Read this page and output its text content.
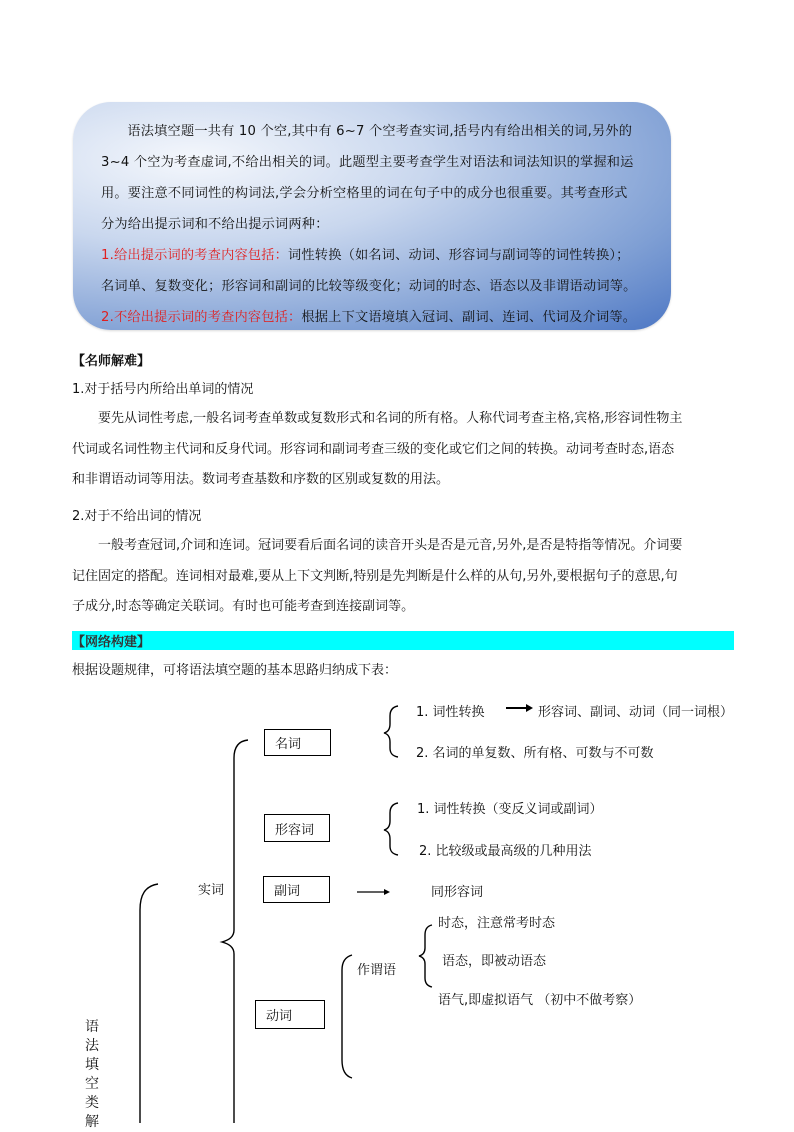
语法填空题一共有 10 个空,其中有 6~7 个空考查实词,括号内有给出相关的词,另外的

3~4 个空为考查虚词,不给出相关的词。此题型主要考查学生对语法和词法知识的掌握和运

用。要注意不同词性的构词法,学会分析空格里的词在句子中的成分也很重要。其考查形式

分为给出提示词和不给出提示词两种：

1.给出提示词的考查内容包括：词性转换（如名词、动词、形容词与副词等的词性转换）；

名词单、复数变化；形容词和副词的比较等级变化；动词的时态、语态以及非谓语动词等。

2.不给出提示词的考查内容包括：根据上下文语境填入冠词、副词、连词、代词及介词等。

【名师解难】
1.对于括号内所给出单词的情况
要先从词性考虑,一般名词考查单数或复数形式和名词的所有格。人称代词考查主格,宾格,形容词性物主
代词或名词性物主代词和反身代词。形容词和副词考查三级的变化或它们之间的转换。动词考查时态,语态
和非谓语动词等用法。数词考查基数和序数的区别或复数的用法。
2.对于不给出词的情况
一般考查冠词,介词和连词。冠词要看后面名词的读音开头是否是元音,另外,是否是特指等情况。介词要
记住固定的搭配。连词相对最难,要从上下文判断,特别是先判断是什么样的从句,另外,要根据句子的意思,句
子成分,时态等确定关联词。有时也可能考查到连接副词等。
【网络构建】
根据设题规律，可将语法填空题的基本思路归纳成下表：
实词
名词
1. 词性转换	形容词、副词、动词（同一词根）
2. 名词的单复数、所有格、可数与不可数
形容词
1. 词性转换（变反义词或副词）
2. 比较级或最高级的几种用法
副词	同形容词
动词
作谓语
时态，注意常考时态
语态，即被动语态
语气,即虚拟语气 （初中不做考察）
语法填空类解
